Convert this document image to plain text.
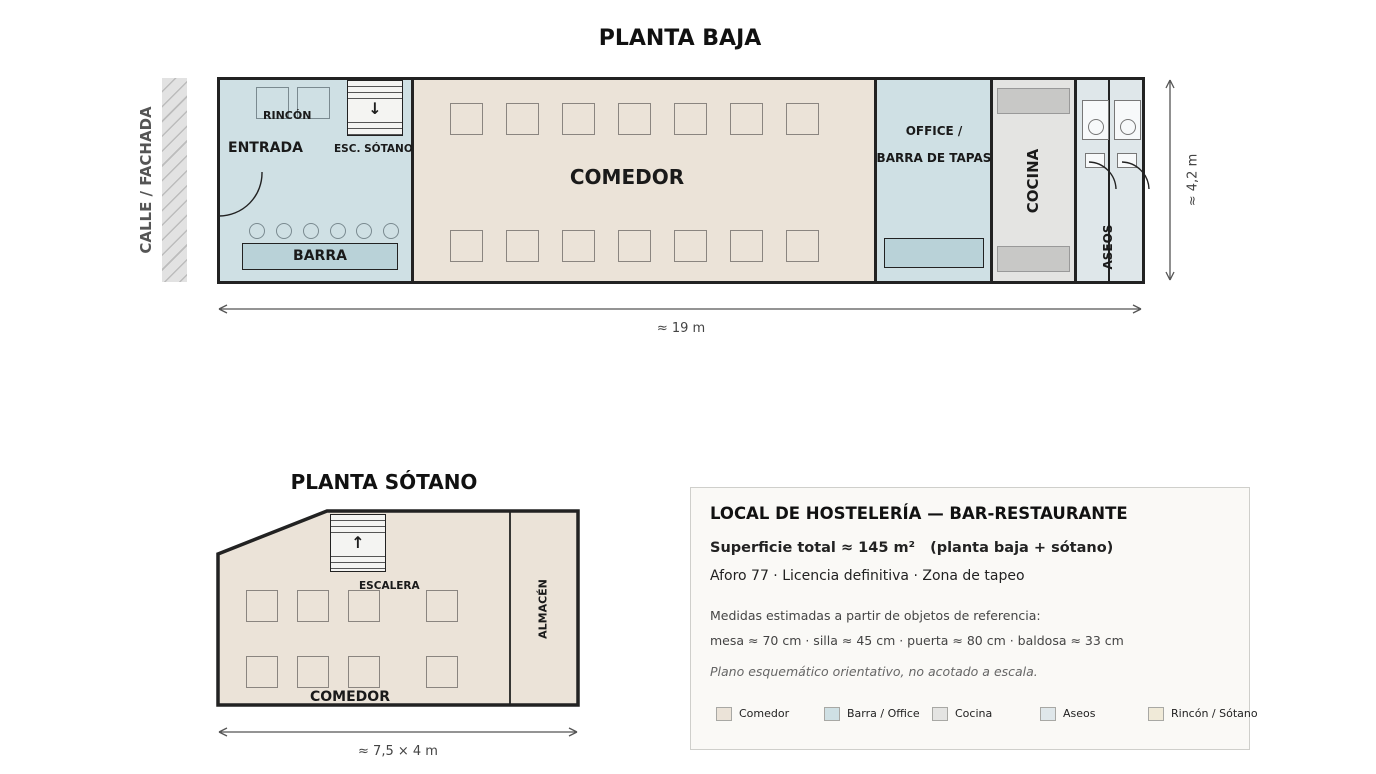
PLANTA BAJA
CALLE / FACHADA	RINCÓN	↓
ESC. SÓTANO
ENTRADA
BARRA
COMEDOR
OFFICE /
BARRA DE TAPAS COCINA
ASEOS
≈ 19 m
≈ 4,2 m
PLANTA SÓTANO
↑
ESCALERA
COMEDOR
ALMACÉN
≈ 7,5 × 4 m
LOCAL DE HOSTELERÍA — BAR-RESTAURANTE
Superficie total ≈ 145 m²   (planta baja + sótano)
Aforo 77 · Licencia definitiva · Zona de tapeo
Medidas estimadas a partir de objetos de referencia:
mesa ≈ 70 cm · silla ≈ 45 cm · puerta ≈ 80 cm · baldosa ≈ 33 cm
Plano esquemático orientativo, no acotado a escala.
Comedor	Barra / Office	Cocina	Aseos	Rincón / Sótano
